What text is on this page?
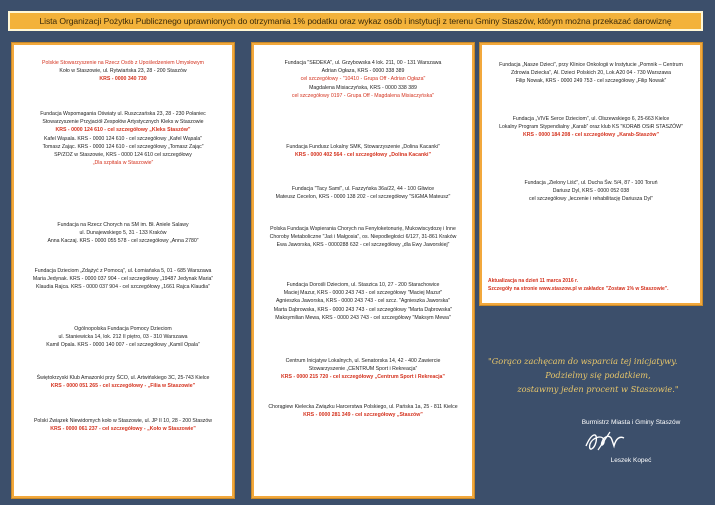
Lista Organizacji Pożytku Publicznego uprawnionych do otrzymania 1% podatku oraz wykaz osób i instytucji z terenu Gminy Staszów, którym można przekazać darowiznę
Polskie Stowarzyszenie na Rzecz Osób z Upośledzeniem Umysłowym
Koło w Staszowie, ul. Rytwiańska 23, 28 - 200 Staszów
KRS - 0000 340 730
Fundacja Wspomagania Oświaty ul. Ruszczańska 23, 28 - 230 Połaniec
Stowarzyszenie Przyjaciół Zespołów Artystycznych Kleks w Staszowie
KRS - 0000 124 610 - cel szczegółowy „Kleks Staszów”
Kafel Wąsala. KRS - 0000 124 610 - cel szczegółowy „Kafel Wąsala”
Tomasz Zając. KRS - 0000 124 610 - cel szczegółowy „Tomasz Zając”
SP/ZOZ w Staszowie, KRS - 0000 124 610 cel szczegółowy
„Dla szpitala w Staszowie”
Fundacja na Rzecz Chorych na SM im. Bł. Aniele Salawy
ul. Dunajewskiego 5, 31 - 133 Kraków
Anna Kaczaj. KRS - 0000 055 578 - cel szczegółowy „Anna 2780”
Fundacja Dzieciom „Zdążyć z Pomocą”, ul. Łomiańska 5, 01 - 685 Warszawa
Maria Jedynak. KRS - 0000 037 904 - cel szczegółowy „19487 Jedynak Maria”
Klaudia Rajca. KRS - 0000 037 904 - cel szczegółowy „1661 Rajca Klaudia”
Ogólnopolska Fundacja Pomocy Dzieciom
ul. Staniewicka 14, lok. 212 II piętro, 03 - 310 Warszawa
Kamil Opala. KRS - 0000 140 007 - cel szczegółowy „Kamil Opala”
Świętokrzyski Klub Amazonki przy ŚCO, ul. Artwińskiego 3C, 25-743 Kielce
KRS - 0000 051 265 - cel szczegółowy - „Filia w Staszowie”
Polski Związek Niewidomych koło w Staszowie, ul. JP II 10, 28 - 200 Staszów
KRS - 0000 061 237 - cel szczegółowy - „Koło w Staszowie”
Fundacja "SEDEKA", ul. Grzybowska 4 lok. 211, 00 - 131 Warszawa
Adrian Ogłaza, KRS - 0000 338 389
cel szczegółowy - "10410 - Grupa Off - Adrian Ogłaza"
Magdalena Misiaczyńska, KRS - 0000 338 389
cel szczegółowy 0197 - Grupa Off - Magdalena Misiaczyńska"
Fundacja Fundusz Lokalny SMK, Stowarzyszenie „Dolina Kacanki”
KRS - 0000 402 564 - cel szczegółowy „Dolina Kacanki”
Fundacja "Tacy Sami", ul. Fazzyńska 36a/22, 44 - 100 Gliwice
Mateusz Cecelon, KRS - 0000 138 202 - cel szczegółowy "SIGMA Mateusz"
Polska Fundacja Wspierania Chorych na Fenyloketonurię, Mukowiscydozę i Inne
Choroby Metaboliczne "Jaś i Małgosia", os. Niepodległości 6/127, 31-861 Kraków
Ewa Jaworska, KRS - 0000288 632 - cel szczegółowy „dla Ewy Jaworskiej”
Fundacja Dorośli Dzieciom, ul. Staszica 10, 27 - 200 Starachowice
Maciej Mazur, KRS - 0000 243 743 - cel szczegółowy "Maciej Mazur"
Agnieszka Jaworska, KRS - 0000 243 743 - cel szcz. "Agnieszka Jaworska"
Marta Dąbrowska, KRS - 0000 243 743 - cel szczegółowy "Marta Dąbrowska"
Maksymilian Mewa, KRS - 0000 243 743 - cel szczegółowy "Maksym Mewa"
Centrum Inicjatyw Lokalnych, ul. Senatorska 14, 42 - 400 Zawiercie
Stowarzyszenie „CENTRUM Sport i Rekreacja”
KRS - 0000 215 720 - cel szczegółowy „Centrum Sport i Rekreacja”
Chorągiew Kielecka Związku Harcerstwa Polskiego, ul. Pańska 1a, 25 - 811 Kielce
KRS - 0000 281 349 - cel szczegółowy „Staszów”
Aktualizacja na dzień 11 marca 2016 r.
Szczegóły na stronie www.staszow.pl w zakładce "Zostaw 1% w Staszowie".
Fundacja „Nasze Dzieci”, przy Klinice Onkologii w Instytucie „Pomnik – Centrum
Zdrowia Dziecka”, Al. Dzieci Polskich 20, Lok.A20 04 - 730 Warszawa
Filip Nowak, KRS - 0000 249 753 - cel szczegółowy „Filip Nowak”
Fundacja „VIVE Serce Dzieciom”, ul. Olszewskiego 6, 25-663 Kielce
Lokalny Program Stypendialny „Karab” oraz klub KS "KORAB OSiR STASZÓW"
KRS - 0000 184 208 - cel szczegółowy „Karab-Staszów”
Fundacja „Zielony Liść”, ul. Ducha Św. 5/4, 87 - 100 Toruń
Dariusz Dyl, KRS - 0000 052 038
cel szczegółowy „leczenie i rehabilitację Dariusza Dyl”
"Gorąco zachęcam do wsparcia tej inicjatywy.
Podzielmy się podatkiem,
zostawmy jeden procent w Staszowie."
Burmistrz Miasta i Gminy Staszów
Leszek Kopeć
